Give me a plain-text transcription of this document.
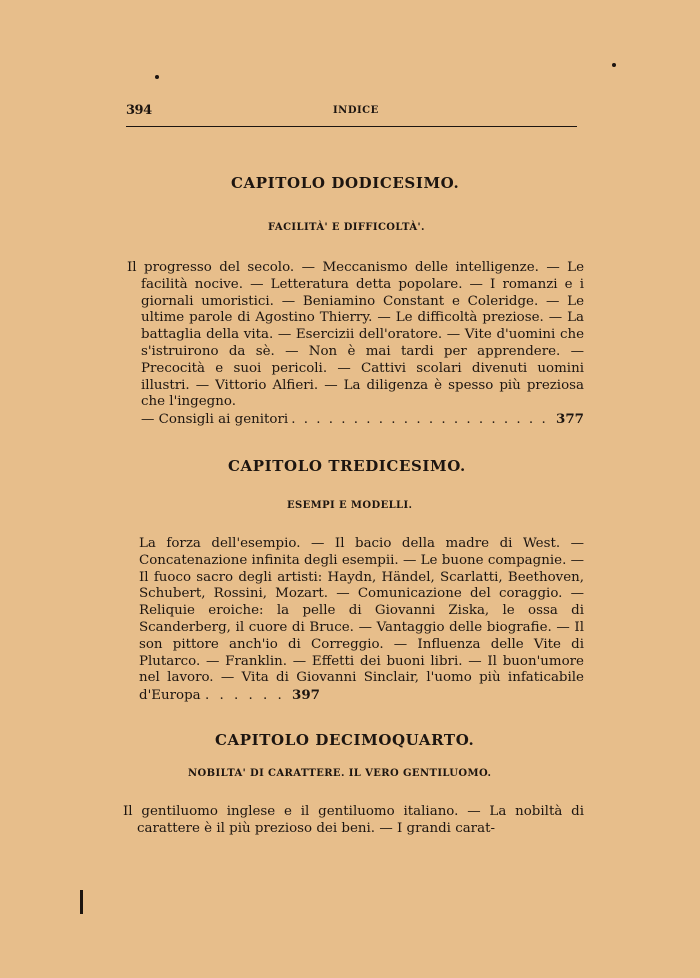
394	INDICE
CAPITOLO DODICESIMO.
FACILITÀ' E DIFFICOLTÀ'.
Il progresso del secolo. — Meccanismo delle intelligenze. — Le facilità nocive. — Letteratura detta popolare. — I romanzi e i giornali umoristici. — Beniamino Constant e Coleridge. — Le ultime parole di Agostino Thierry. — Le difficoltà preziose. — La battaglia della vita. — Esercizii dell'oratore. — Vite d'uomini che s'istruirono da sè. — Non è mai tardi per apprendere. — Precocità e suoi pericoli. — Cattivi scolari divenuti uomini illustri. — Vittorio Alfieri. — La diligenza è spesso più preziosa che l'ingegno.
— Consigli ai genitori
. . .	377
CAPITOLO TREDICESIMO.
ESEMPI E MODELLI.
La forza dell'esempio. — Il bacio della madre di West. — Concatenazione infinita degli esempii. — Le buone compagnie. — Il fuoco sacro degli artisti: Haydn, Händel, Scarlatti, Beethoven, Schubert, Rossini, Mozart. — Comunicazione del coraggio. — Reliquie eroiche: la pelle di Giovanni Ziska, le ossa di Scanderberg, il cuore di Bruce. — Vantaggio delle biografie. — Il son pittore anch'io di Correggio. — Influenza delle Vite di Plutarco. — Franklin. — Effetti dei buoni libri. — Il buon'umore nel lavoro. — Vita di Giovanni Sinclair, l'uomo più infaticabile d'Europa . . . . . . 397
CAPITOLO DECIMOQUARTO.
NOBILTA' DI CARATTERE. IL VERO GENTILUOMO.
Il gentiluomo inglese e il gentiluomo italiano. — La nobiltà di carattere è il più prezioso dei beni. — I grandi carat-
